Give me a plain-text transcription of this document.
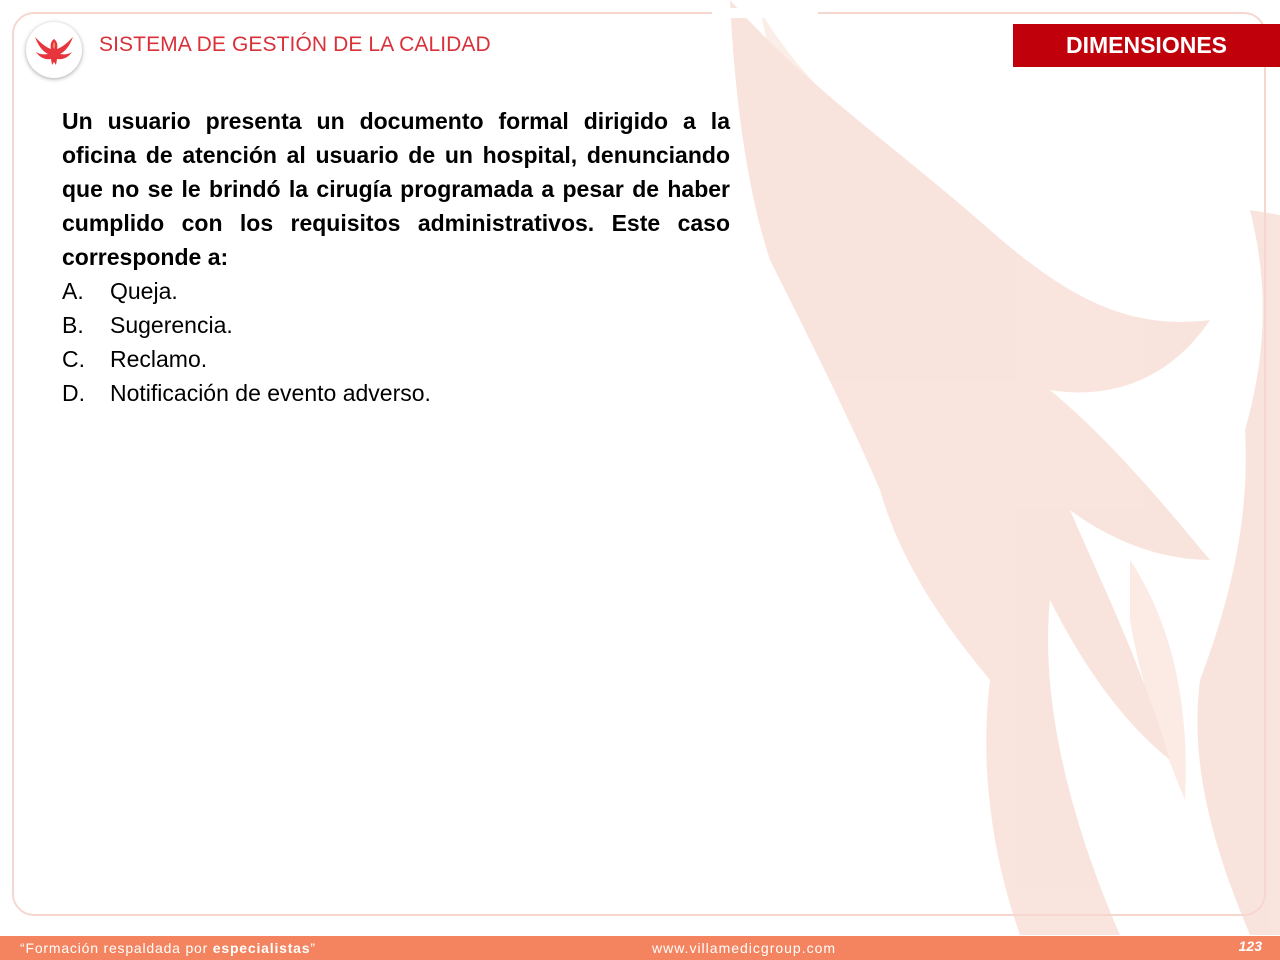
SISTEMA DE GESTIÓN DE LA CALIDAD	DIMENSIONES

Un usuario presenta un documento formal dirigido a la oficina de atención al usuario de un hospital, denunciando que no se le brindó la cirugía programada a pesar de haber cumplido con los requisitos administrativos. Este caso corresponde a:

A.	Queja.
B.	Sugerencia.
C.	Reclamo.
D.	Notificación de evento adverso.
“Formación respaldada por especialistas”	www.villamedicgroup.com	123
